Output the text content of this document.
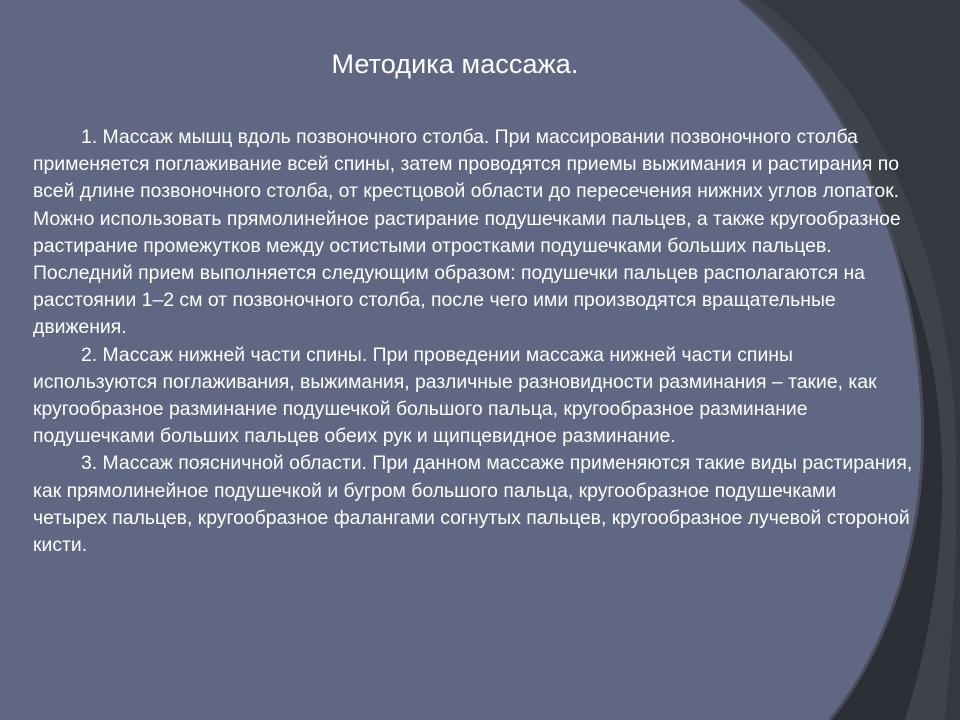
Методика массажа.

1. Массаж мышц вдоль позвоночного столба. При массировании позвоночного столба применяется поглаживание всей спины, затем проводятся приемы выжимания и растирания по всей длине позвоночного столба, от крестцовой области до пересечения нижних углов лопаток. Можно использовать прямолинейное растирание подушечками пальцев, а также кругообразное растирание промежутков между остистыми отростками подушечками больших пальцев. Последний прием выполняется следующим образом: подушечки пальцев располагаются на расстоянии 1–2 см от позвоночного столба, после чего ими производятся вращательные движения.

2. Массаж нижней части спины. При проведении массажа нижней части спины используются поглаживания, выжимания, различные разновидности разминания – такие, как кругообразное разминание подушечкой большого пальца, кругообразное разминание подушечками больших пальцев обеих рук и щипцевидное разминание.

3. Массаж поясничной области. При данном массаже применяются такие виды растирания, как прямолинейное подушечкой и бугром большого пальца, кругообразное подушечками четырех пальцев, кругообразное фалангами согнутых пальцев, кругообразное лучевой стороной кисти.
